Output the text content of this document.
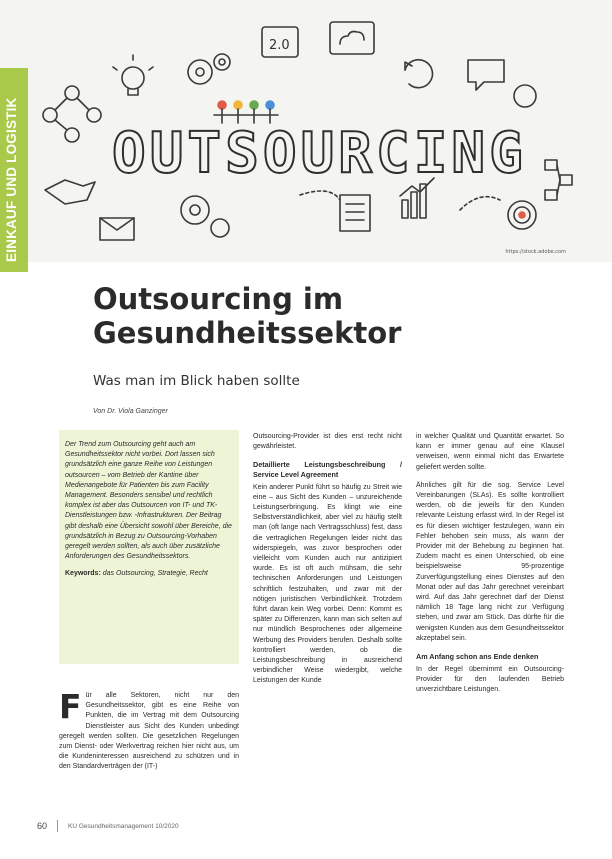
OUTSOURCING
2.0
https://stock.adobe.com
EINKAUF UND LOGISTIK
Outsourcing im
Gesundheitssektor
Was man im Blick haben sollte
Von Dr. Viola Ganzinger

Der Trend zum Outsourcing geht auch am Gesundheitssektor nicht vorbei. Dort lassen sich grundsätzlich eine ganze Reihe von Leistungen outsourcen – vom Betrieb der Kantine über Medienangebote für Patienten bis zum Facility Management. Besonders sensibel und rechtlich komplex ist aber das Outsourcen von IT- und TK-Dienstleistungen bzw. -Infrastrukturen. Der Beitrag gibt deshalb eine Übersicht sowohl über Bereiche, die grundsätzlich in Bezug zu Outsourcing-Vorhaben geregelt werden sollten, als auch über zusätzliche Anforderungen des Gesundheitssektors.

Keywords: das Outsourcing, Strategie, Recht
F ür alle Sektoren, nicht nur den Gesundheitssektor, gibt es eine Reihe von Punkten, die im Vertrag mit dem Outsourcing Dienstleister aus Sicht des Kunden unbedingt geregelt werden sollten. Die gesetzlichen Regelungen zum Dienst- oder Werkvertrag reichen hier nicht aus, um die Kundeninteressen ausreichend zu schützen und in den Standardverträgen der (IT-)

Outsourcing-Provider ist dies erst recht nicht gewährleistet.

Detaillierte Leistungsbeschreibung / Service Level Agreement

Kein anderer Punkt führt so häufig zu Streit wie eine – aus Sicht des Kunden – unzureichende Leistungserbringung. Es klingt wie eine Selbstverständlichkeit, aber viel zu häufig stellt man (oft lange nach Vertragsschluss) fest, dass die vertraglichen Regelungen leider nicht das widerspiegeln, was zuvor besprochen oder vielleicht vom Kunden auch nur antizipiert wurde. Es ist oft auch mühsam, die sehr technischen Anforderungen und Leistungen schriftlich festzuhalten, und zwar mit der nötigen juristischen Verbindlichkeit. Trotzdem führt daran kein Weg vorbei. Denn: Kommt es später zu Differenzen, kann man sich selten auf nur mündlich Besprochenes oder allgemeine Werbung des Providers berufen. Deshalb sollte kontrolliert werden, ob die Leistungsbeschreibung in ausreichend verbindlicher Weise wiedergibt, welche Leistungen der Kunde

in welcher Qualität und Quantität erwartet. So kann er immer genau auf eine Klausel verweisen, wenn einmal nicht das Erwartete geliefert werden sollte.

Ähnliches gilt für die sog. Service Level Vereinbarungen (SLAs). Es sollte kontrolliert werden, ob die jeweils für den Kunden relevante Leistung erfasst wird. In der Regel ist es für diesen wichtiger festzulegen, wann ein Fehler behoben sein muss, als wann der Provider mit der Behebung zu beginnen hat. Zudem macht es einen Unterschied, ob eine beispielsweise 95-prozentige Zurverfügungstellung eines Dienstes auf den Monat oder auf das Jahr gerechnet vereinbart wird. Auf das Jahr gerechnet darf der Dienst nämlich 18 Tage lang nicht zur Verfügung stehen, und zwar am Stück. Das dürfte für die wenigsten Kunden aus dem Gesundheitssektor akzeptabel sein.

Am Anfang schon ans Ende denken

In der Regel übernimmt ein Outsourcing-Provider für den laufenden Betrieb unverzichtbare Leistungen.

60	KU Gesundheitsmanagement 10/2020
